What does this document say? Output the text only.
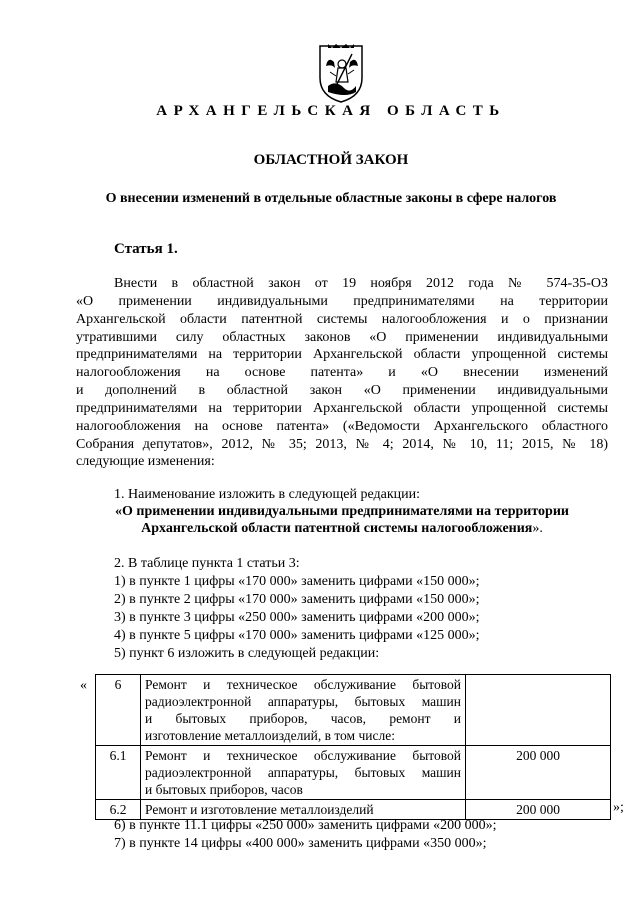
АРХАНГЕЛЬСКАЯ ОБЛАСТЬ
ОБЛАСТНОЙ ЗАКОН
О внесении изменений в отдельные областные законы в сфере налогов
Статья 1.
Внести в областной закон от 19 ноября 2012 года № 574-35-ОЗ
«О применении индивидуальными предпринимателями на территории
Архангельской области патентной системы налогообложения и о признании
утратившими силу областных законов «О применении индивидуальными
предпринимателями на территории Архангельской области упрощенной системы
налогообложения на основе патента» и «О внесении изменений
и дополнений в областной закон «О применении индивидуальными
предпринимателями на территории Архангельской области упрощенной системы
налогообложения на основе патента» («Ведомости Архангельского областного
Собрания депутатов», 2012, № 35; 2013, № 4; 2014, № 10, 11; 2015, № 18)
следующие изменения:
1. Наименование изложить в следующей редакции:
«О применении индивидуальными предпринимателями на территории
Архангельской области патентной системы налогообложения».
2. В таблице пункта 1 статьи 3:
1) в пункте 1 цифры «170 000» заменить цифрами «150 000»;
2) в пункте 2 цифры «170 000» заменить цифрами «150 000»;
3) в пункте 3 цифры «250 000» заменить цифрами «200 000»;
4) в пункте 5 цифры «170 000» заменить цифрами «125 000»;
5) пункт 6 изложить в следующей редакции:
« 6	Ремонт и техническое обслуживание бытовой
радиоэлектронной аппаратуры, бытовых машин
и бытовых приборов, часов, ремонт и
изготовление металлоизделий, в том числе:	

6.1	Ремонт и техническое обслуживание бытовой
радиоэлектронной аппаратуры, бытовых машин
и бытовых приборов, часов	200 000
6.2	Ремонт и изготовление металлоизделий	200 000	»;
6) в пункте 11.1 цифры «250 000» заменить цифрами «200 000»;
7) в пункте 14 цифры «400 000» заменить цифрами «350 000»;
